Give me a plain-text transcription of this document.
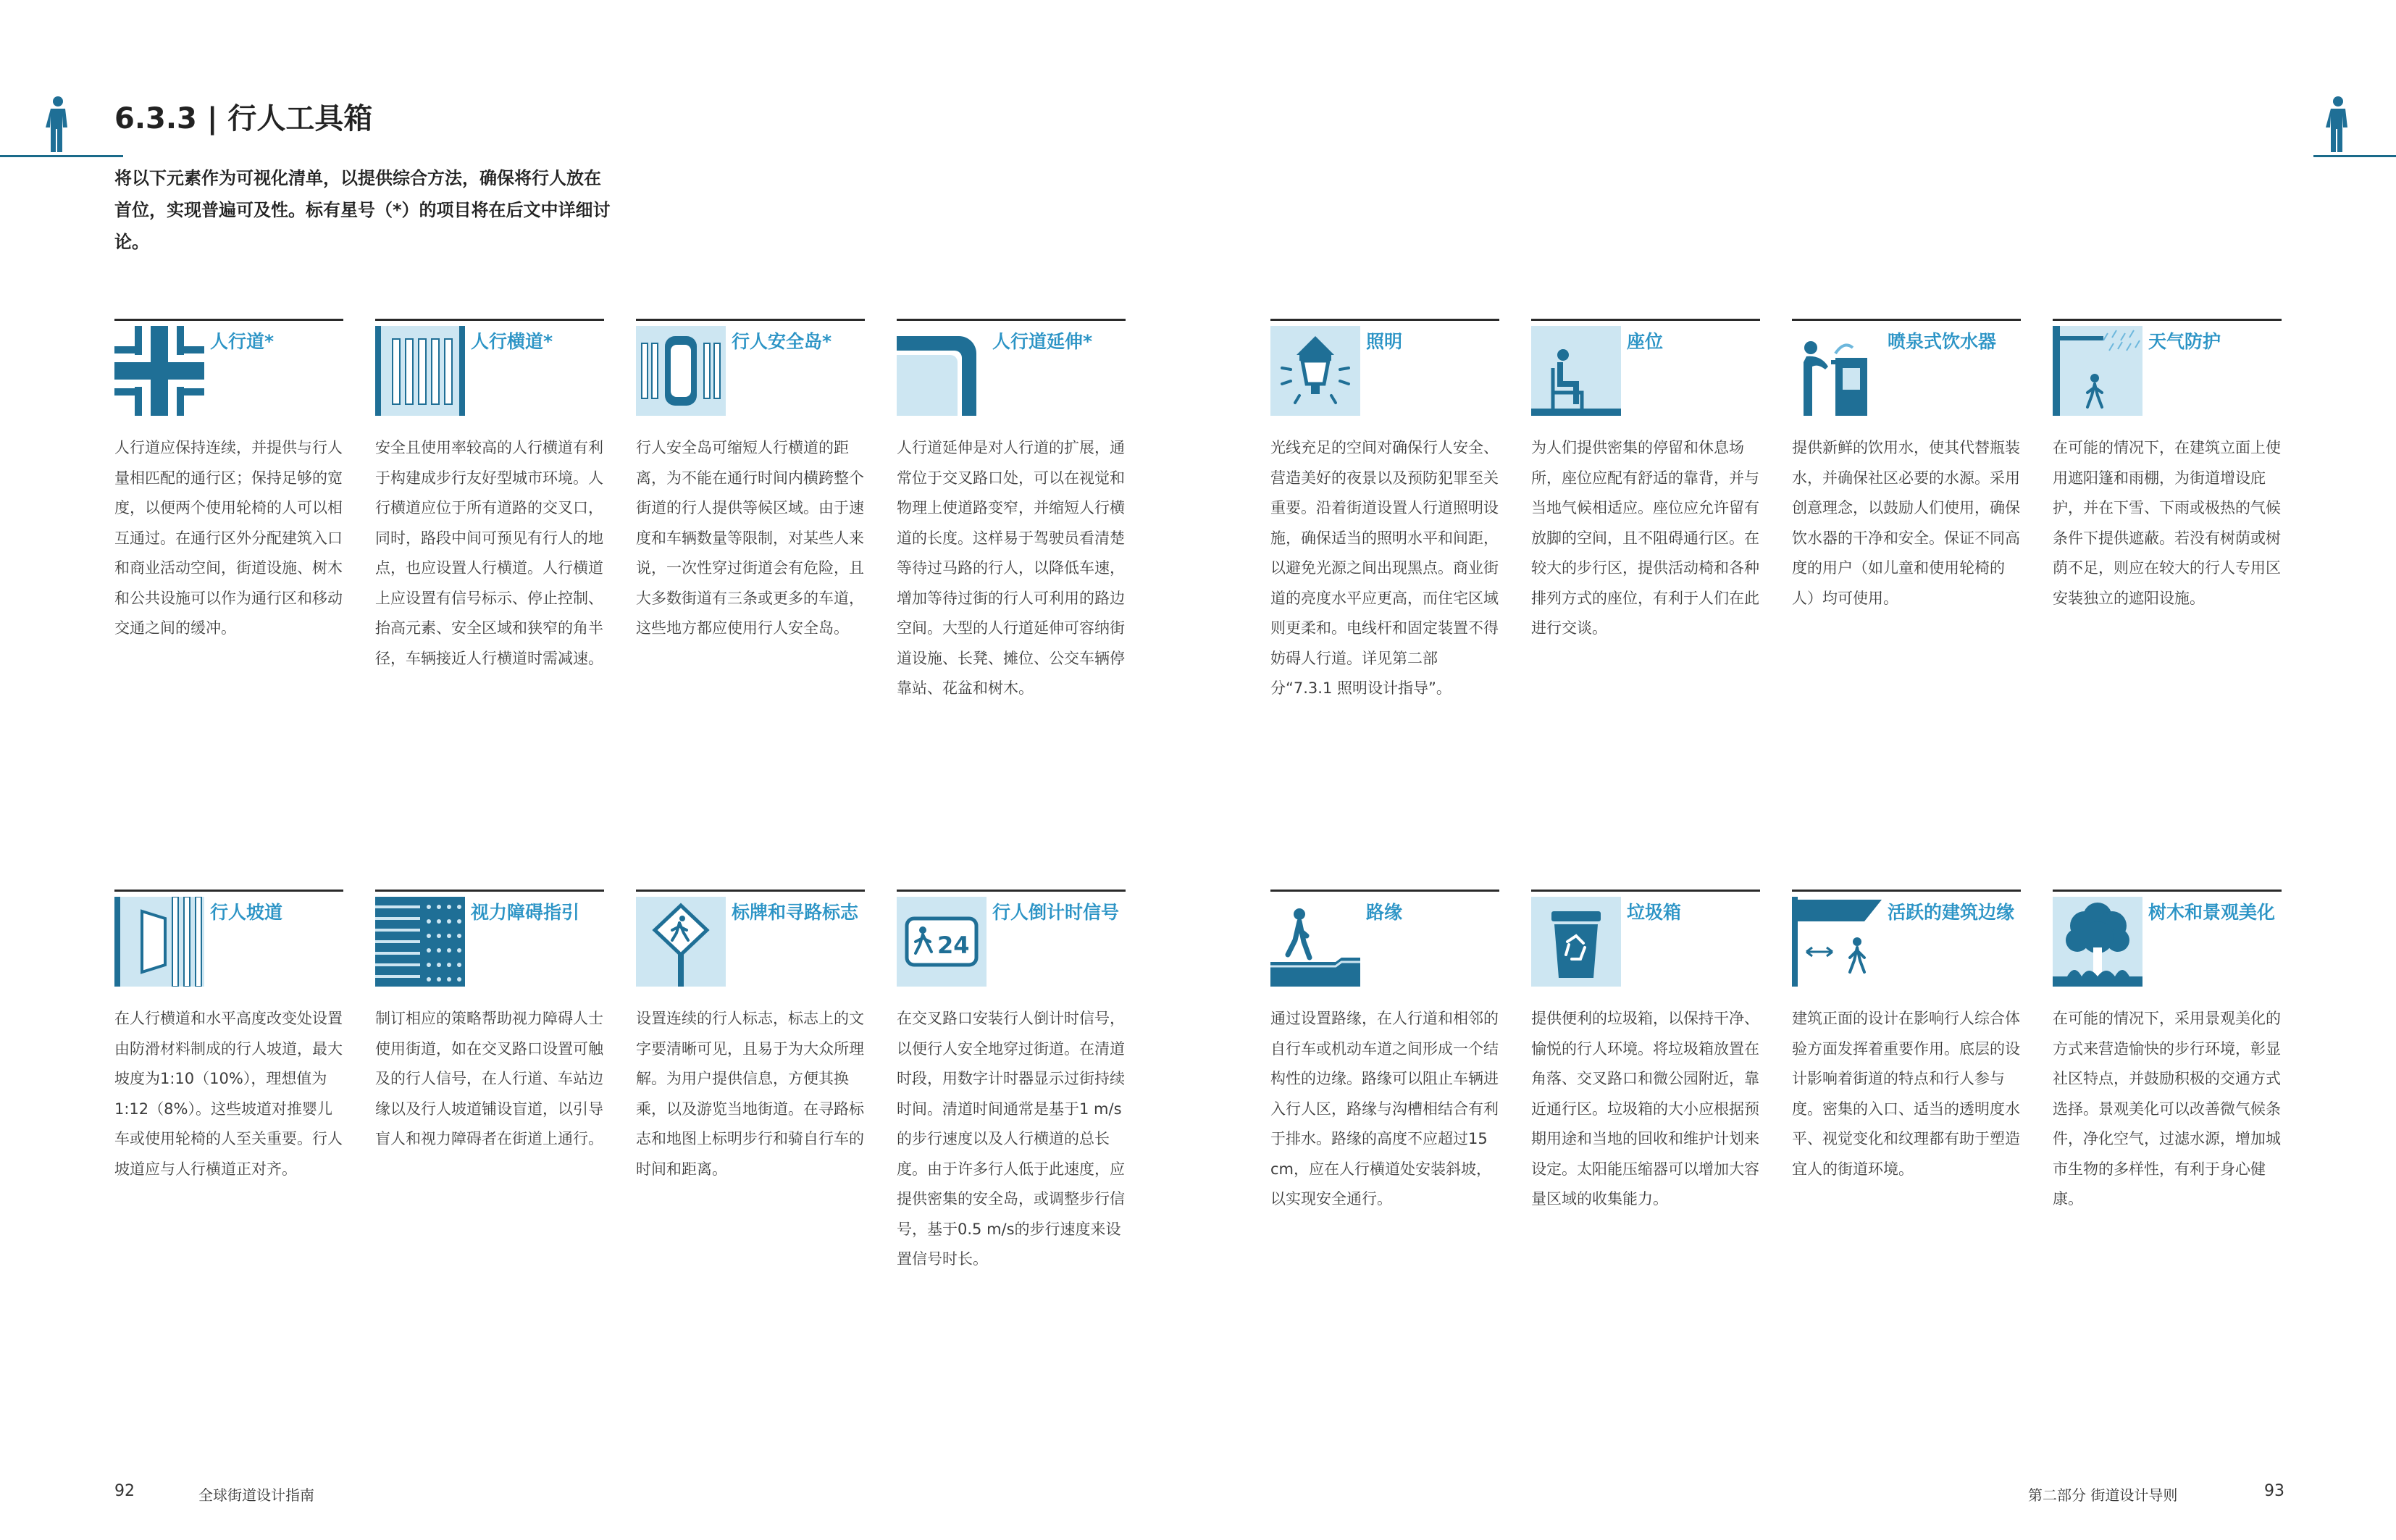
6.3.3 | 行人工具箱
将以下元素作为可视化清单，以提供综合方法，确保将行人放在首位，实现普遍可及性。标有星号（*）的项目将在后文中详细讨论。
人行道*
人行道应保持连续，并提供与行人量相匹配的通行区；保持足够的宽度，以便两个使用轮椅的人可以相互通过。在通行区外分配建筑入口和商业活动空间，街道设施、树木和公共设施可以作为通行区和移动交通之间的缓冲。
人行横道*
安全且使用率较高的人行横道有利于构建成步行友好型城市环境。人行横道应位于所有道路的交叉口，同时，路段中间可预见有行人的地点，也应设置人行横道。人行横道上应设置有信号标示、停止控制、抬高元素、安全区域和狭窄的角半径，车辆接近人行横道时需减速。
行人安全岛*
行人安全岛可缩短人行横道的距离，为不能在通行时间内横跨整个街道的行人提供等候区域。由于速度和车辆数量等限制，对某些人来说，一次性穿过街道会有危险，且大多数街道有三条或更多的车道，这些地方都应使用行人安全岛。
人行道延伸*
人行道延伸是对人行道的扩展，通常位于交叉路口处，可以在视觉和物理上使道路变窄，并缩短人行横道的长度。这样易于驾驶员看清楚等待过马路的行人，以降低车速，增加等待过街的行人可利用的路边空间。大型的人行道延伸可容纳街道设施、长凳、摊位、公交车辆停靠站、花盆和树木。
行人坡道
在人行横道和水平高度改变处设置由防滑材料制成的行人坡道，最大坡度为1:10（10%），理想值为1:12（8%）。这些坡道对推婴儿车或使用轮椅的人至关重要。行人坡道应与人行横道正对齐。
视力障碍指引
制订相应的策略帮助视力障碍人士使用街道，如在交叉路口设置可触及的行人信号，在人行道、车站边缘以及行人坡道铺设盲道，以引导盲人和视力障碍者在街道上通行。
标牌和寻路标志
设置连续的行人标志，标志上的文字要清晰可见，且易于为大众所理解。为用户提供信息，方便其换乘，以及游览当地街道。在寻路标志和地图上标明步行和骑自行车的时间和距离。
24
行人倒计时信号
在交叉路口安装行人倒计时信号，以便行人安全地穿过街道。在清道时段，用数字计时器显示过街持续时间。清道时间通常是基于1 m/s的步行速度以及人行横道的总长度。由于许多行人低于此速度，应提供密集的安全岛，或调整步行信号，基于0.5 m/s的步行速度来设置信号时长。
92	全球街道设计指南
照明
光线充足的空间对确保行人安全、营造美好的夜景以及预防犯罪至关重要。沿着街道设置人行道照明设施，确保适当的照明水平和间距，以避免光源之间出现黑点。商业街道的亮度水平应更高，而住宅区域则更柔和。电线杆和固定装置不得妨碍人行道。详见第二部分“7.3.1 照明设计指导”。
座位
为人们提供密集的停留和休息场所，座位应配有舒适的靠背，并与当地气候相适应。座位应允许留有放脚的空间，且不阻碍通行区。在较大的步行区，提供活动椅和各种排列方式的座位，有利于人们在此进行交谈。
喷泉式饮水器
提供新鲜的饮用水，使其代替瓶装水，并确保社区必要的水源。采用创意理念，以鼓励人们使用，确保饮水器的干净和安全。保证不同高度的用户（如儿童和使用轮椅的人）均可使用。
天气防护
在可能的情况下，在建筑立面上使用遮阳篷和雨棚，为街道增设庇护，并在下雪、下雨或极热的气候条件下提供遮蔽。若没有树荫或树荫不足，则应在较大的行人专用区安装独立的遮阳设施。
路缘
通过设置路缘，在人行道和相邻的自行车或机动车道之间形成一个结构性的边缘。路缘可以阻止车辆进入行人区，路缘与沟槽相结合有利于排水。路缘的高度不应超过15 cm，应在人行横道处安装斜坡，以实现安全通行。
垃圾箱
提供便利的垃圾箱，以保持干净、愉悦的行人环境。将垃圾箱放置在角落、交叉路口和微公园附近，靠近通行区。垃圾箱的大小应根据预期用途和当地的回收和维护计划来设定。太阳能压缩器可以增加大容量区域的收集能力。
活跃的建筑边缘
建筑正面的设计在影响行人综合体验方面发挥着重要作用。底层的设计影响着街道的特点和行人参与度。密集的入口、适当的透明度水平、视觉变化和纹理都有助于塑造宜人的街道环境。
树木和景观美化
在可能的情况下，采用景观美化的方式来营造愉快的步行环境，彰显社区特点，并鼓励积极的交通方式选择。景观美化可以改善微气候条件，净化空气，过滤水源，增加城市生物的多样性，有利于身心健康。
第二部分 街道设计导则	93
